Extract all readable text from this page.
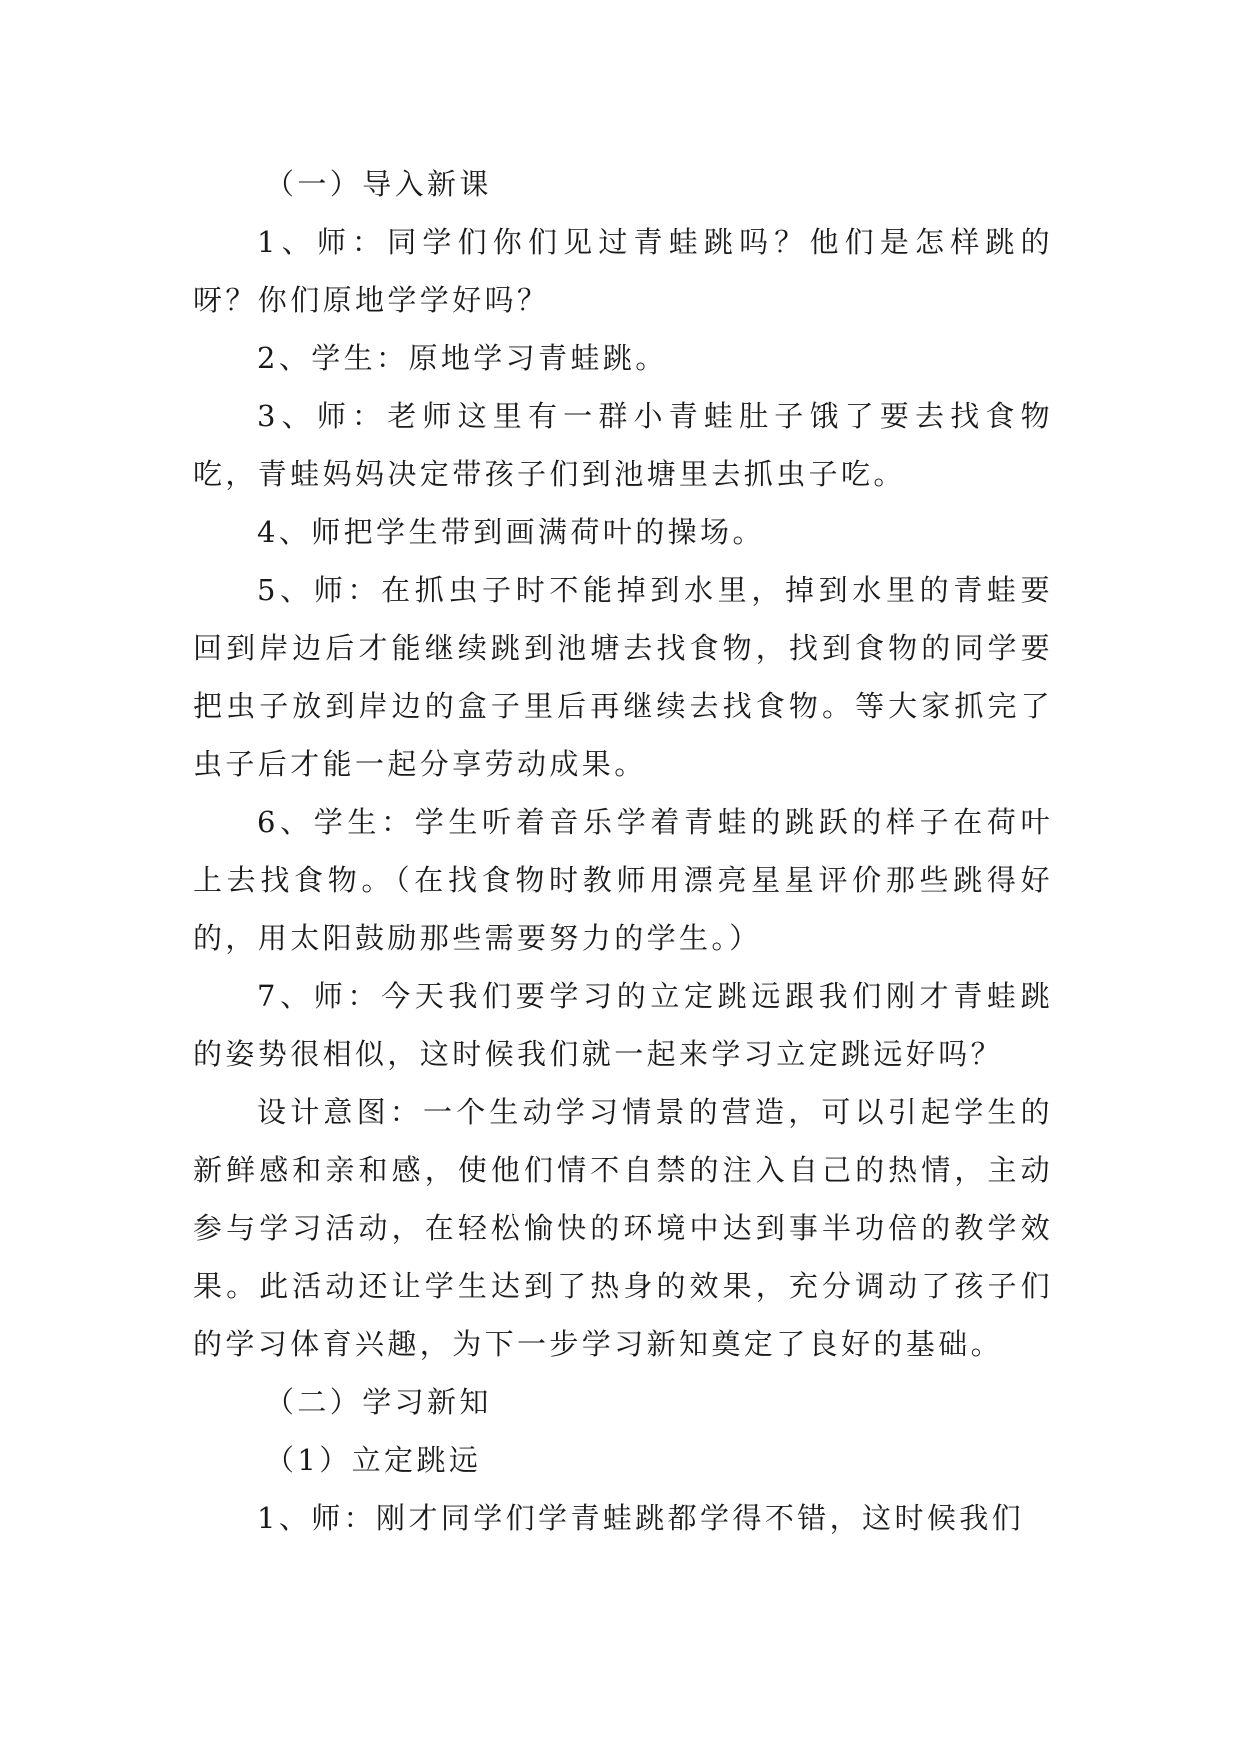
（一）导入新课

1、师：同学们你们见过青蛙跳吗？他们是怎样跳的呀？你们原地学学好吗？

2、学生：原地学习青蛙跳。

3、师：老师这里有一群小青蛙肚子饿了要去找食物吃，青蛙妈妈决定带孩子们到池塘里去抓虫子吃。

4、师把学生带到画满荷叶的操场。

5、师：在抓虫子时不能掉到水里，掉到水里的青蛙要回到岸边后才能继续跳到池塘去找食物，找到食物的同学要把虫子放到岸边的盒子里后再继续去找食物。等大家抓完了虫子后才能一起分享劳动成果。

6、学生：学生听着音乐学着青蛙的跳跃的样子在荷叶上去找食物。（在找食物时教师用漂亮星星评价那些跳得好的，用太阳鼓励那些需要努力的学生。）

7、师：今天我们要学习的立定跳远跟我们刚才青蛙跳的姿势很相似，这时候我们就一起来学习立定跳远好吗？

设计意图：一个生动学习情景的营造，可以引起学生的新鲜感和亲和感，使他们情不自禁的注入自己的热情，主动参与学习活动，在轻松愉快的环境中达到事半功倍的教学效果。此活动还让学生达到了热身的效果，充分调动了孩子们的学习体育兴趣，为下一步学习新知奠定了良好的基础。

（二）学习新知

（1）立定跳远

1、师：刚才同学们学青蛙跳都学得不错，这时候我们
